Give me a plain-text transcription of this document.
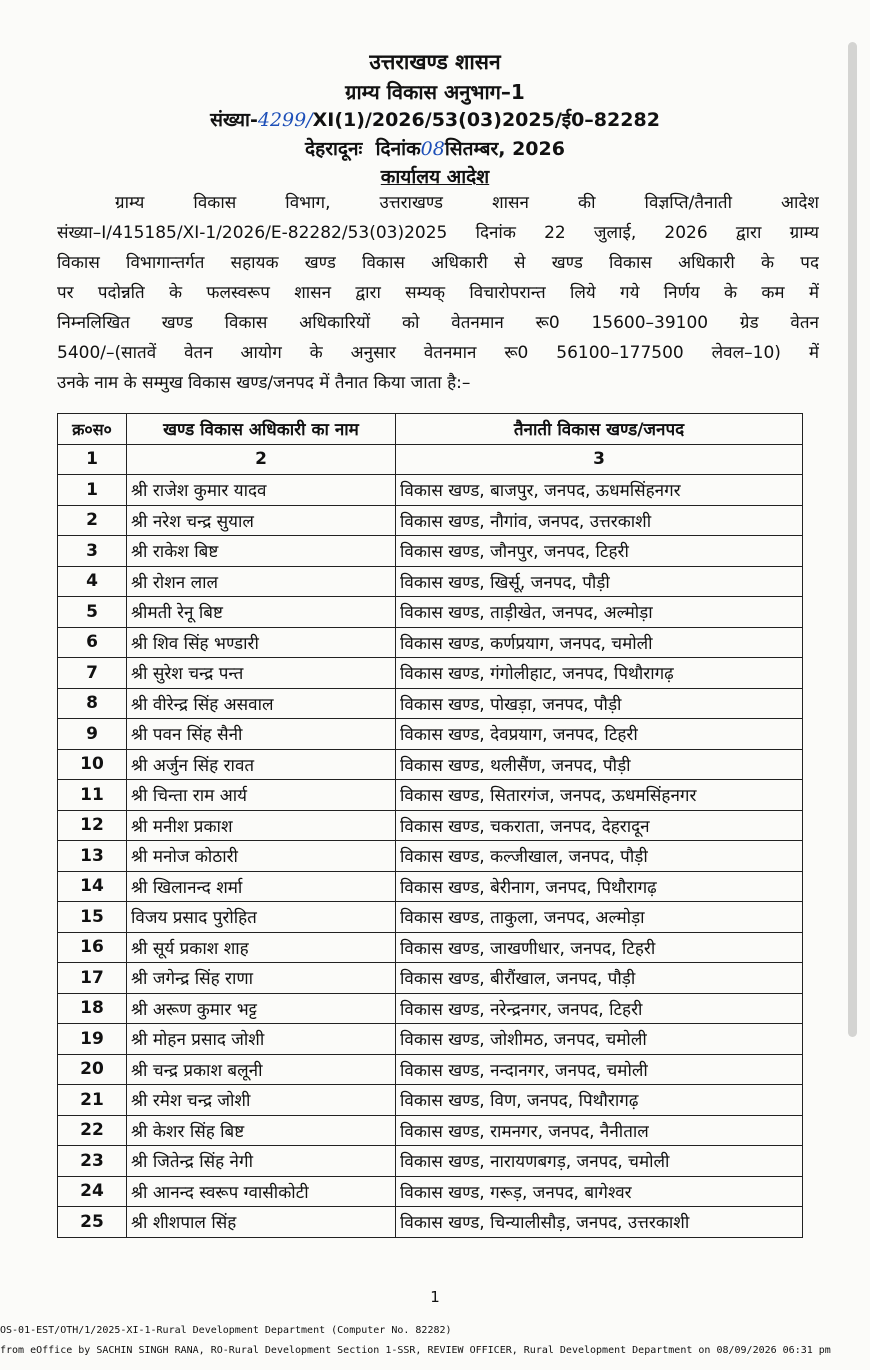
उत्तराखण्ड शासन
ग्राम्य विकास अनुभाग–1
संख्या-4299/XI(1)/2026/53(03)2025/ई0–82282
देहरादूनः दिनांक08सितम्बर, 2026
कार्यालय आदेश
ग्राम्य विकास विभाग, उत्तराखण्ड शासन की विज्ञप्ति/तैनाती आदेश
संख्या–I/415185/XI-1/2026/E-82282/53(03)2025 दिनांक 22 जुलाई, 2026 द्वारा ग्राम्य
विकास विभागान्तर्गत सहायक खण्ड विकास अधिकारी से खण्ड विकास अधिकारी के पद
पर पदोन्नति के फलस्वरूप शासन द्वारा सम्यक् विचारोपरान्त लिये गये निर्णय के कम में
निम्नलिखित खण्ड विकास अधिकारियों को वेतनमान रू0 15600–39100 ग्रेड वेतन
5400/–(सातवें वेतन आयोग के अनुसार वेतनमान रू0 56100–177500 लेवल–10) में
उनके नाम के सम्मुख विकास खण्ड/जनपद में तैनात किया जाता है:–
क्र०स०	खण्ड विकास अधिकारी का नाम	तैनाती विकास खण्ड/जनपद
1	2	3
1	श्री राजेश कुमार यादव	विकास खण्ड, बाजपुर, जनपद, ऊधमसिंहनगर
2	श्री नरेश चन्द्र सुयाल	विकास खण्ड, नौगांव, जनपद, उत्तरकाशी
3	श्री राकेश बिष्ट	विकास खण्ड, जौनपुर, जनपद, टिहरी
4	श्री रोशन लाल	विकास खण्ड, खिर्सू, जनपद, पौड़ी
5	श्रीमती रेनू बिष्ट	विकास खण्ड, ताड़ीखेत, जनपद, अल्मोड़ा
6	श्री शिव सिंह भण्डारी	विकास खण्ड, कर्णप्रयाग, जनपद, चमोली
7	श्री सुरेश चन्द्र पन्त	विकास खण्ड, गंगोलीहाट, जनपद, पिथौरागढ़
8	श्री वीरेन्द्र सिंह असवाल	विकास खण्ड, पोखड़ा, जनपद, पौड़ी
9	श्री पवन सिंह सैनी	विकास खण्ड, देवप्रयाग, जनपद, टिहरी
10	श्री अर्जुन सिंह रावत	विकास खण्ड, थलीसैंण, जनपद, पौड़ी
11	श्री चिन्ता राम आर्य	विकास खण्ड, सितारगंज, जनपद, ऊधमसिंहनगर
12	श्री मनीश प्रकाश	विकास खण्ड, चकराता, जनपद, देहरादून
13	श्री मनोज कोठारी	विकास खण्ड, कल्जीखाल, जनपद, पौड़ी
14	श्री खिलानन्द शर्मा	विकास खण्ड, बेरीनाग, जनपद, पिथौरागढ़
15	विजय प्रसाद पुरोहित	विकास खण्ड, ताकुला, जनपद, अल्मोड़ा
16	श्री सूर्य प्रकाश शाह	विकास खण्ड, जाखणीधार, जनपद, टिहरी
17	श्री जगेन्द्र सिंह राणा	विकास खण्ड, बीरौंखाल, जनपद, पौड़ी
18	श्री अरूण कुमार भट्ट	विकास खण्ड, नरेन्द्रनगर, जनपद, टिहरी
19	श्री मोहन प्रसाद जोशी	विकास खण्ड, जोशीमठ, जनपद, चमोली
20	श्री चन्द्र प्रकाश बलूनी	विकास खण्ड, नन्दानगर, जनपद, चमोली
21	श्री रमेश चन्द्र जोशी	विकास खण्ड, विण, जनपद, पिथौरागढ़
22	श्री केशर सिंह बिष्ट	विकास खण्ड, रामनगर, जनपद, नैनीताल
23	श्री जितेन्द्र सिंह नेगी	विकास खण्ड, नारायणबगड़, जनपद, चमोली
24	श्री आनन्द स्वरूप ग्वासीकोटी	विकास खण्ड, गरूड़, जनपद, बागेश्वर
25	श्री शीशपाल सिंह	विकास खण्ड, चिन्यालीसौड़, जनपद, उत्तरकाशी
1
OS-01-EST/OTH/1/2025-XI-1-Rural Development Department (Computer No. 82282)
from eOffice by SACHIN SINGH RANA, RO-Rural Development Section 1-SSR, REVIEW OFFICER, Rural Development Department on 08/09/2026 06:31 pm
